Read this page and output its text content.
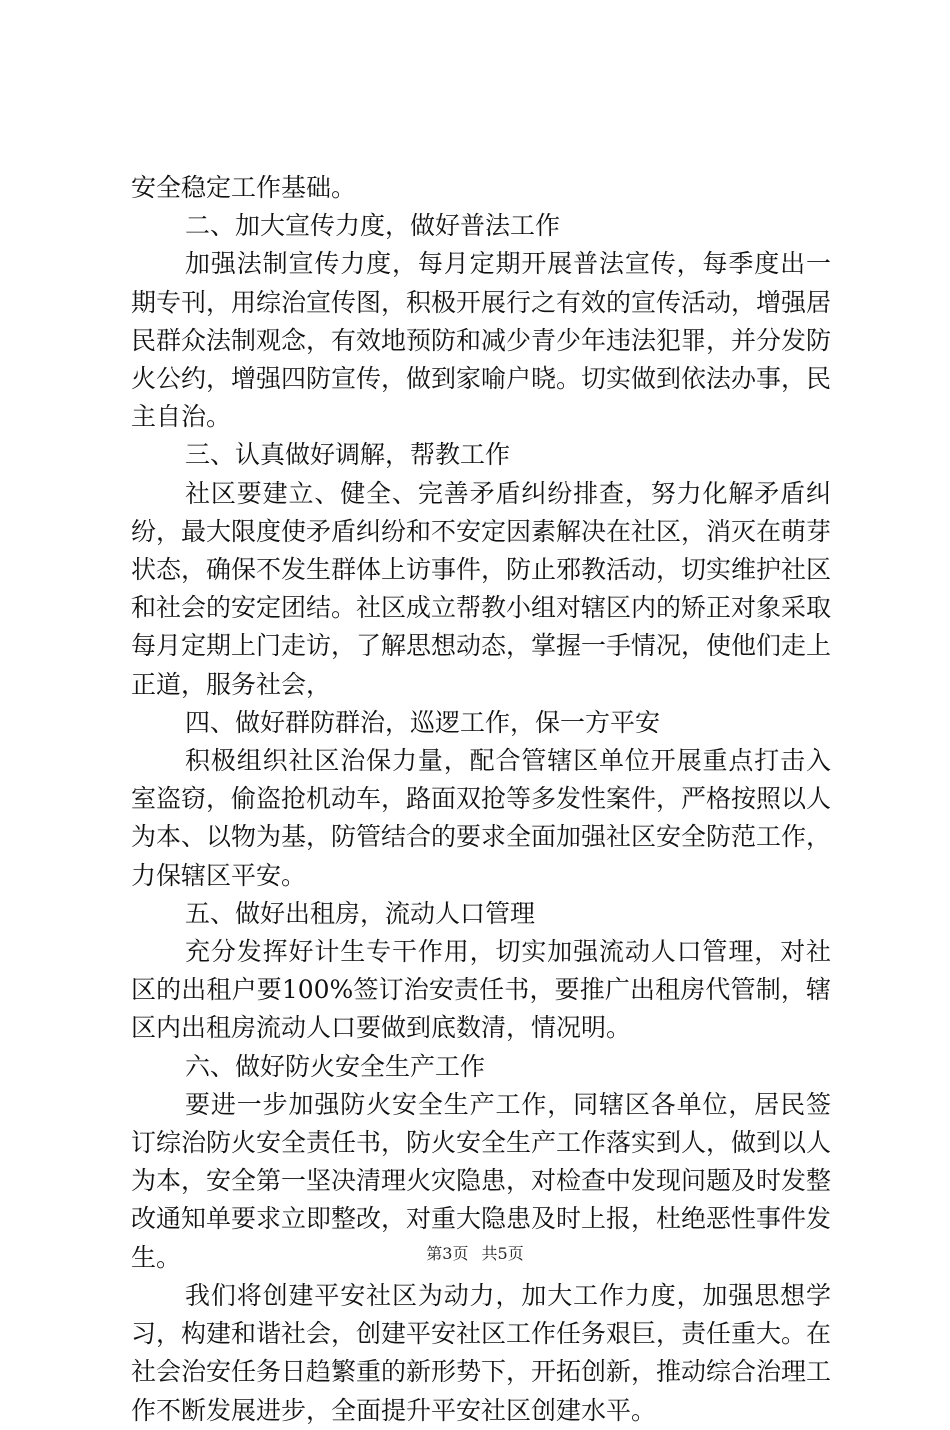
安全稳定工作基础。

二、加大宣传力度，做好普法工作

加强法制宣传力度，每月定期开展普法宣传，每季度出一期专刊，用综治宣传图，积极开展行之有效的宣传活动，增强居民群众法制观念，有效地预防和减少青少年违法犯罪，并分发防火公约，增强四防宣传，做到家喻户晓。切实做到依法办事，民主自治。

三、认真做好调解，帮教工作

社区要建立、健全、完善矛盾纠纷排查，努力化解矛盾纠纷，最大限度使矛盾纠纷和不安定因素解决在社区，消灭在萌芽状态，确保不发生群体上访事件，防止邪教活动，切实维护社区和社会的安定团结。社区成立帮教小组对辖区内的矫正对象采取每月定期上门走访，了解思想动态，掌握一手情况，使他们走上正道，服务社会，

四、做好群防群治，巡逻工作，保一方平安

积极组织社区治保力量，配合管辖区单位开展重点打击入室盗窃，偷盗抢机动车，路面双抢等多发性案件，严格按照以人为本、以物为基，防管结合的要求全面加强社区安全防范工作，力保辖区平安。

五、做好出租房，流动人口管理

充分发挥好计生专干作用，切实加强流动人口管理，对社区的出租户要100%签订治安责任书，要推广出租房代管制，辖区内出租房流动人口要做到底数清，情况明。

六、做好防火安全生产工作

要进一步加强防火安全生产工作，同辖区各单位，居民签订综治防火安全责任书，防火安全生产工作落实到人，做到以人为本，安全第一坚决清理火灾隐患，对检查中发现问题及时发整改通知单要求立即整改，对重大隐患及时上报，杜绝恶性事件发生。

我们将创建平安社区为动力，加大工作力度，加强思想学习，构建和谐社会，创建平安社区工作任务艰巨，责任重大。在社会治安任务日趋繁重的新形势下，开拓创新，推动综合治理工作不断发展进步，全面提升平安社区创建水平。

第3页 共5页
